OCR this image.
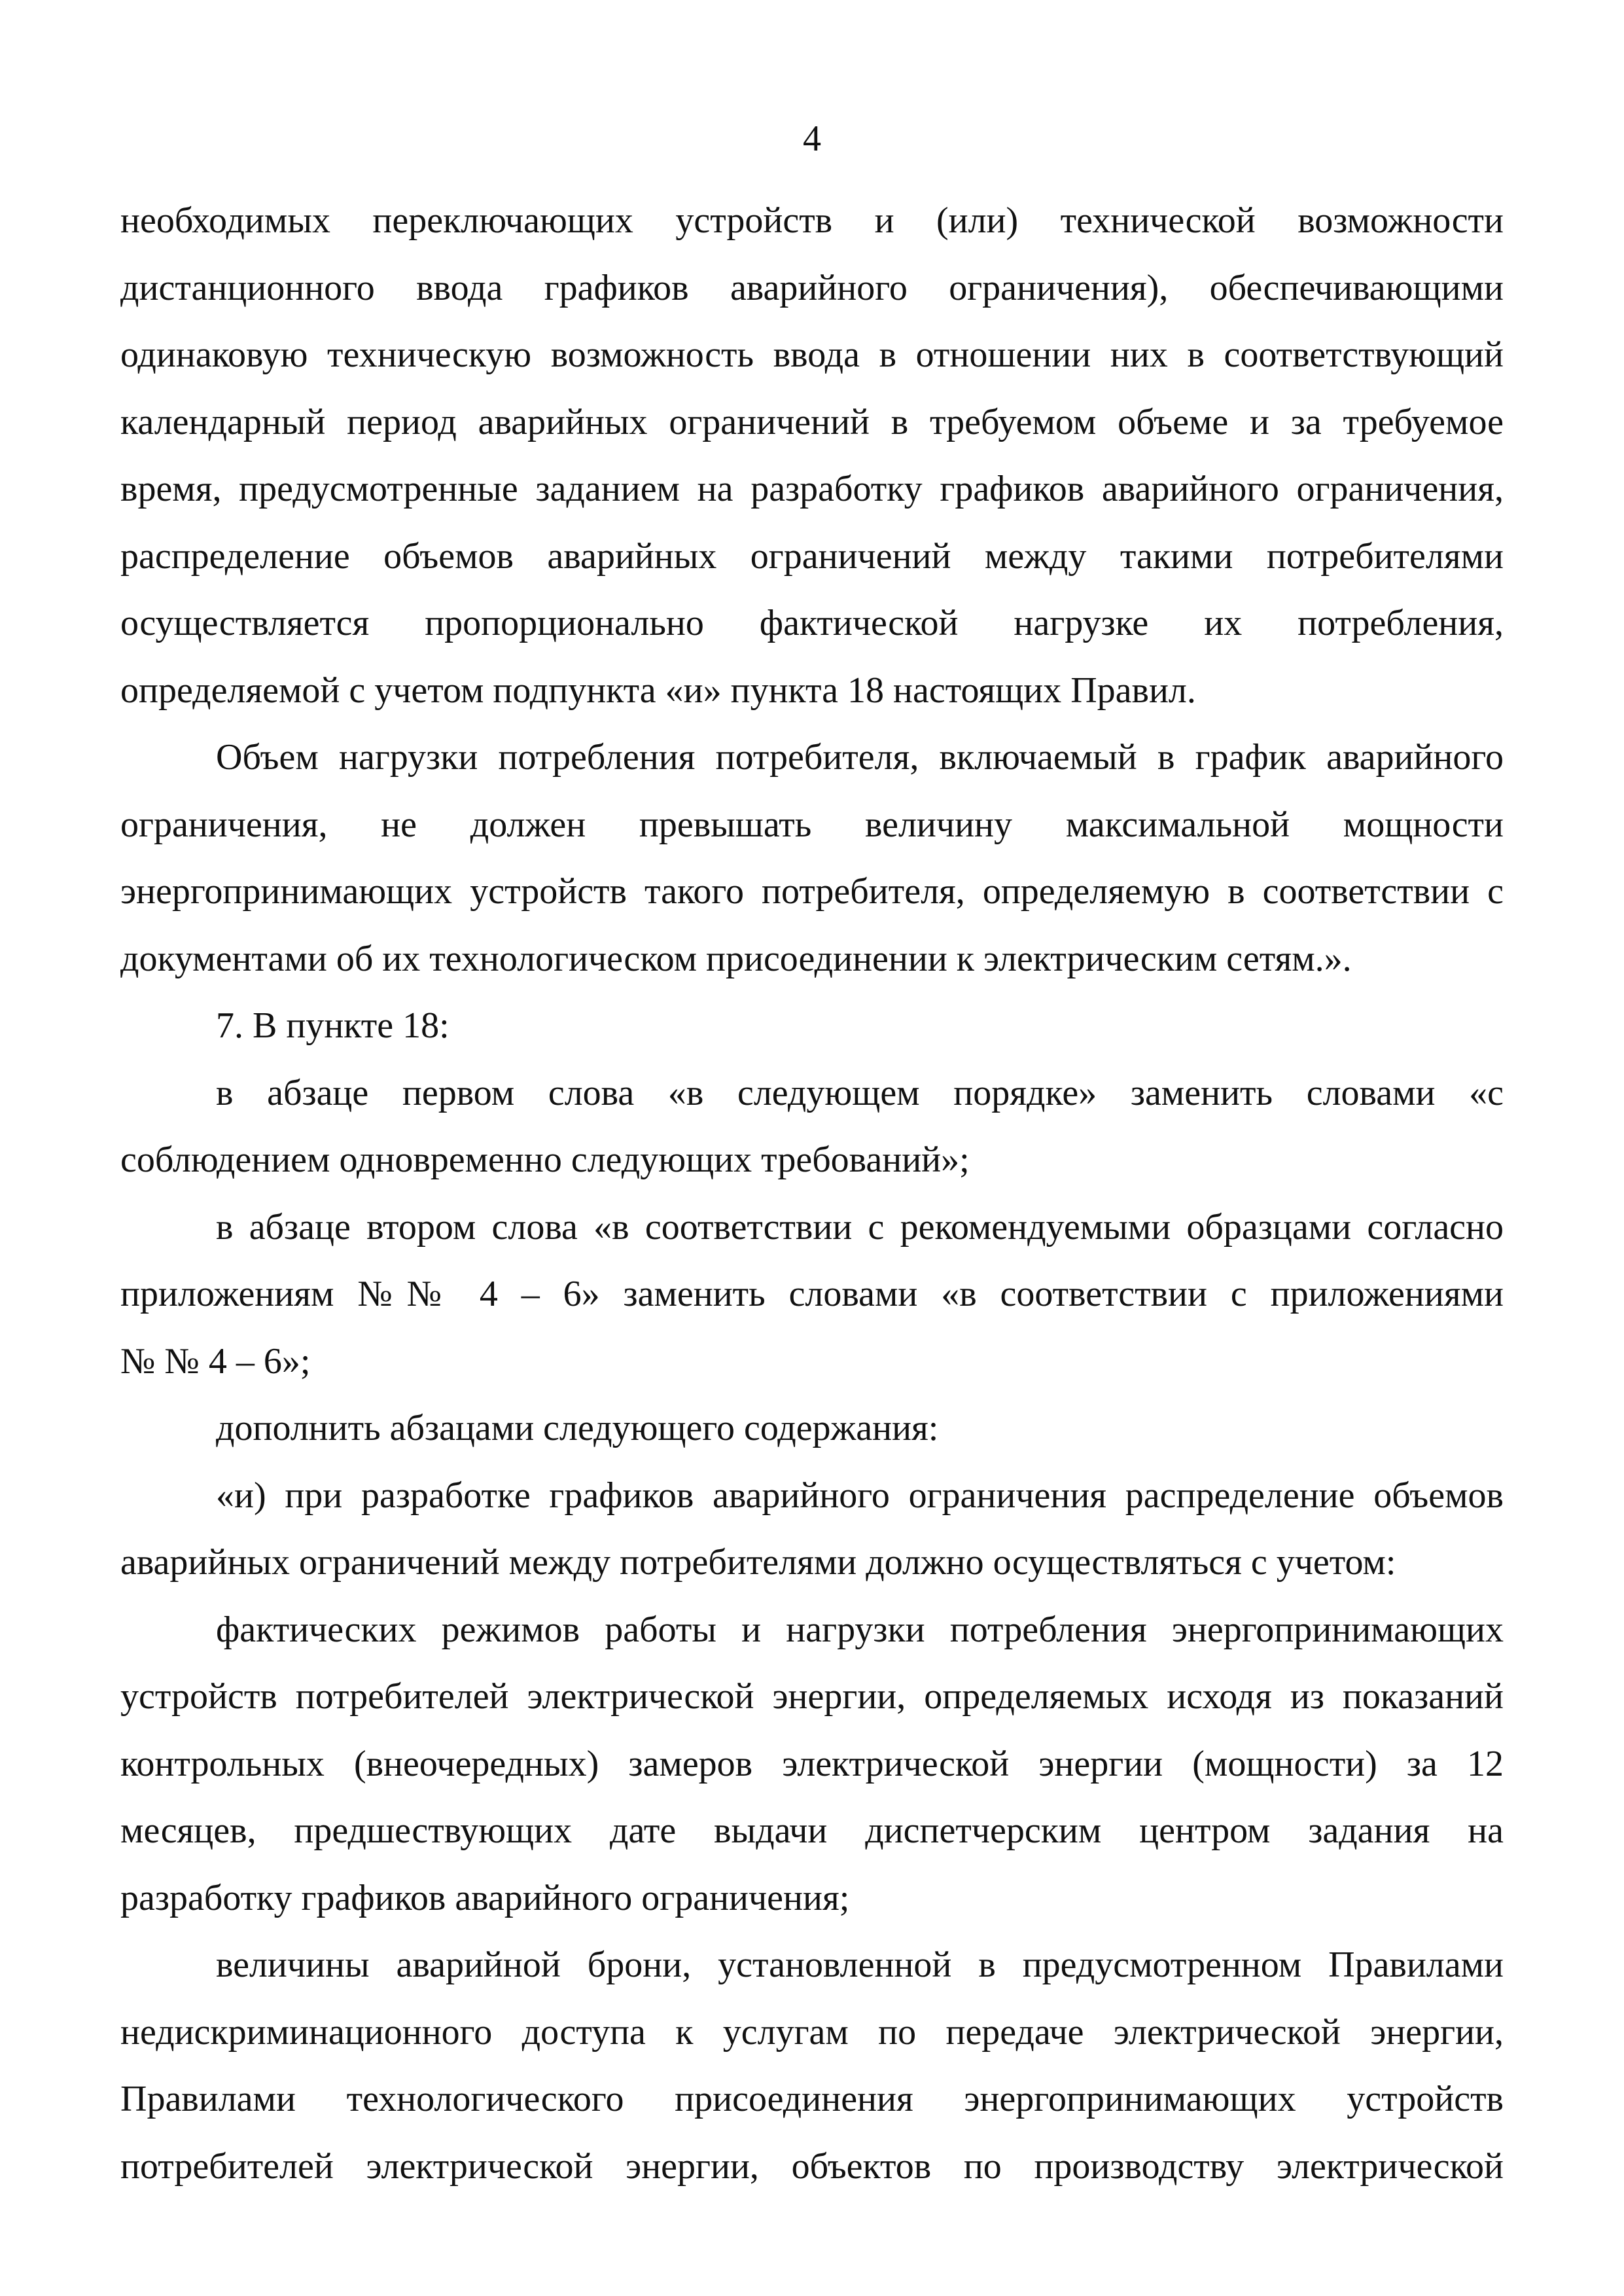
4
необходимых переключающих устройств и (или) технической возможности
дистанционного ввода графиков аварийного ограничения), обеспечивающими
одинаковую техническую возможность ввода в отношении них в соответствующий
календарный период аварийных ограничений в требуемом объеме и за требуемое
время, предусмотренные заданием на разработку графиков аварийного ограничения,
распределение объемов аварийных ограничений между такими потребителями
осуществляется пропорционально фактической нагрузке их потребления,
определяемой с учетом подпункта «и» пункта 18 настоящих Правил.
Объем нагрузки потребления потребителя, включаемый в график аварийного
ограничения, не должен превышать величину максимальной мощности
энергопринимающих устройств такого потребителя, определяемую в соответствии с
документами об их технологическом присоединении к электрическим сетям.».
7. В пункте 18:
в абзаце первом слова «в следующем порядке» заменить словами «с
соблюдением одновременно следующих требований»;
в абзаце втором слова «в соответствии с рекомендуемыми образцами согласно
приложениям №№ 4 – 6» заменить словами «в соответствии с приложениями
№ № 4 – 6»;
дополнить абзацами следующего содержания:
«и) при разработке графиков аварийного ограничения распределение объемов
аварийных ограничений между потребителями должно осуществляться с учетом:
фактических режимов работы и нагрузки потребления энергопринимающих
устройств потребителей электрической энергии, определяемых исходя из показаний
контрольных (внеочередных) замеров электрической энергии (мощности) за 12
месяцев, предшествующих дате выдачи диспетчерским центром задания на
разработку графиков аварийного ограничения;
величины аварийной брони, установленной в предусмотренном Правилами
недискриминационного доступа к услугам по передаче электрической энергии,
Правилами технологического присоединения энергопринимающих устройств
потребителей электрической энергии, объектов по производству электрической
